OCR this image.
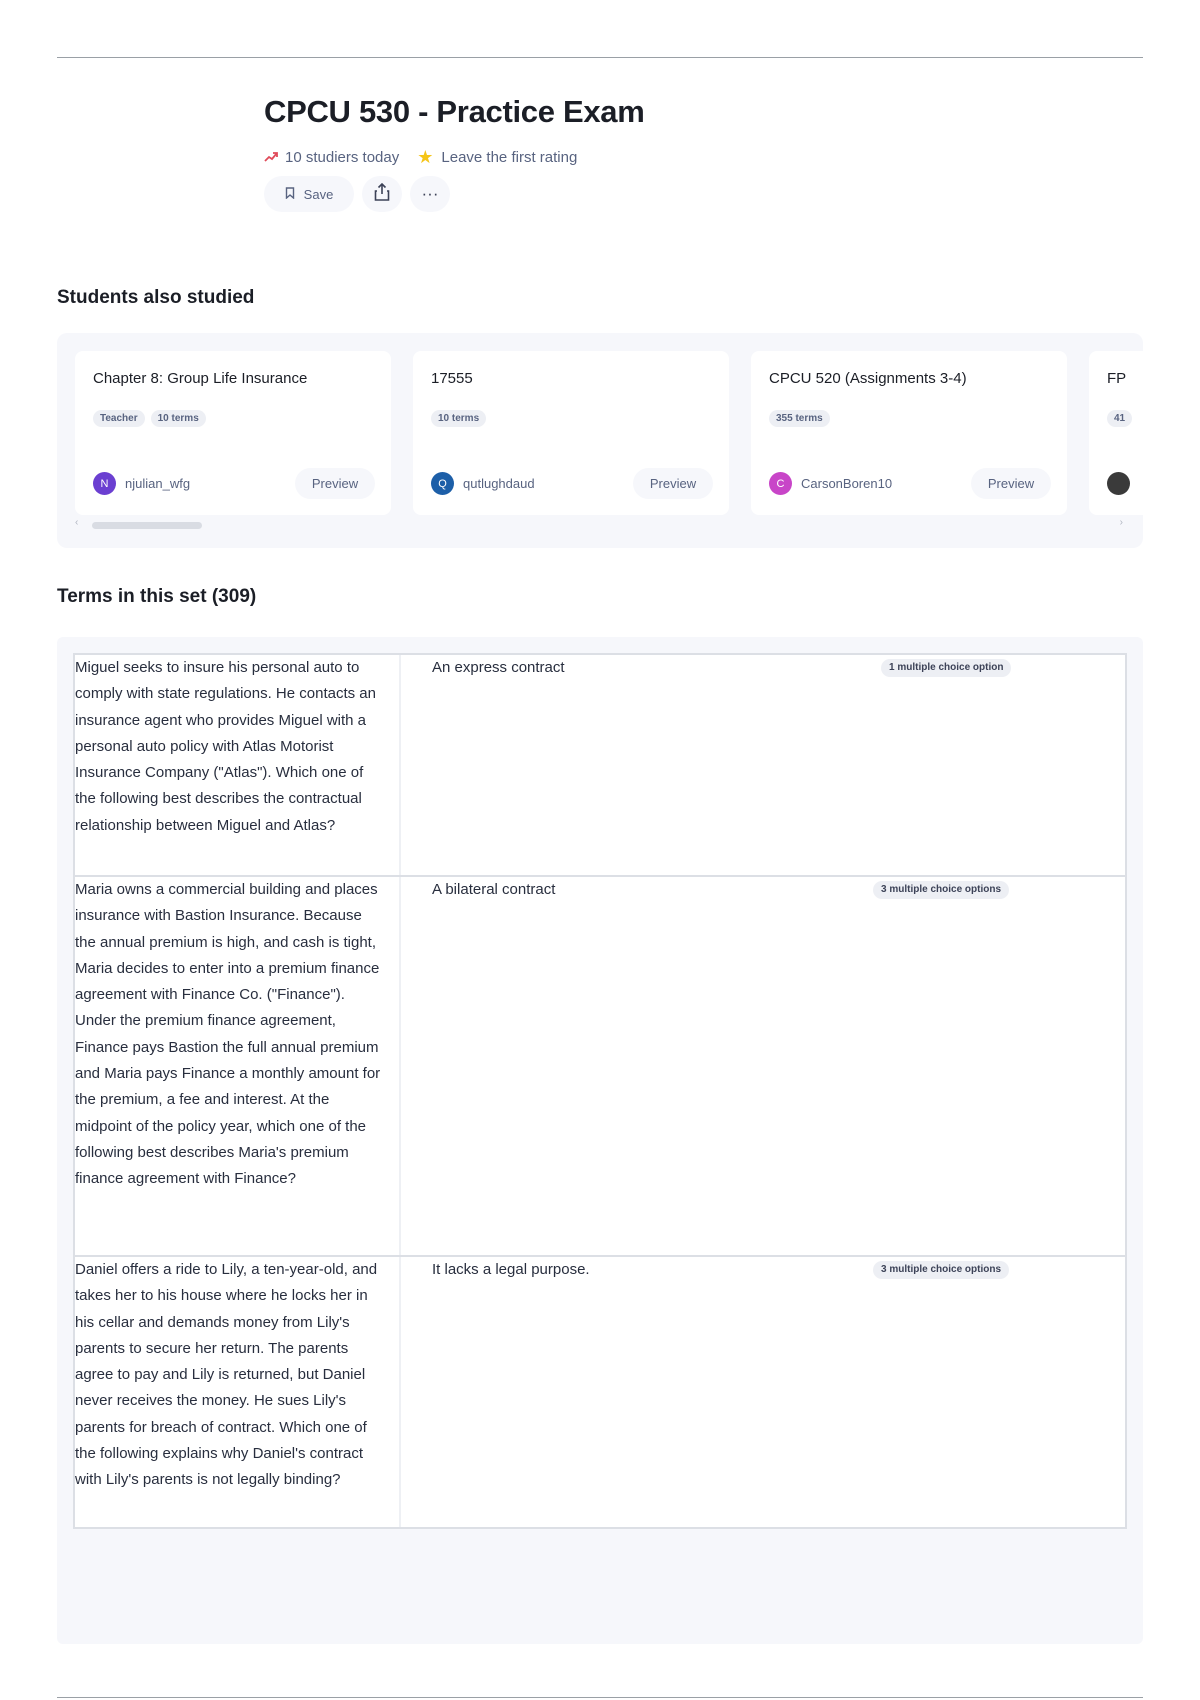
CPCU 530 - Practice Exam
10 studiers today ★ Leave the first rating
Save	···
Students also studied
Chapter 8: Group Life Insurance
Teacher	10 terms
N	njulian_wfg	Preview
17555
10 terms
Q	qutlughdaud	Preview
CPCU 520 (Assignments 3-4)
355 terms
C	CarsonBoren10	Preview
FP
41
‹	›
Terms in this set (309)
Miguel seeks to insure his personal auto to comply with state regulations. He contacts an insurance agent who provides Miguel with a personal auto policy with Atlas Motorist Insurance Company ("Atlas"). Which one of the following best describes the contractual relationship between Miguel and Atlas?
An express contract	1 multiple choice option
Maria owns a commercial building and places insurance with Bastion Insurance. Because the annual premium is high, and cash is tight, Maria decides to enter into a premium finance agreement with Finance Co. ("Finance"). Under the premium finance agreement, Finance pays Bastion the full annual premium and Maria pays Finance a monthly amount for the premium, a fee and interest. At the midpoint of the policy year, which one of the following best describes Maria's premium finance agreement with Finance?
A bilateral contract	3 multiple choice options
Daniel offers a ride to Lily, a ten-year-old, and takes her to his house where he locks her in his cellar and demands money from Lily's parents to secure her return. The parents agree to pay and Lily is returned, but Daniel never receives the money. He sues Lily's parents for breach of contract. Which one of the following explains why Daniel's contract with Lily's parents is not legally binding?
It lacks a legal purpose.	3 multiple choice options
